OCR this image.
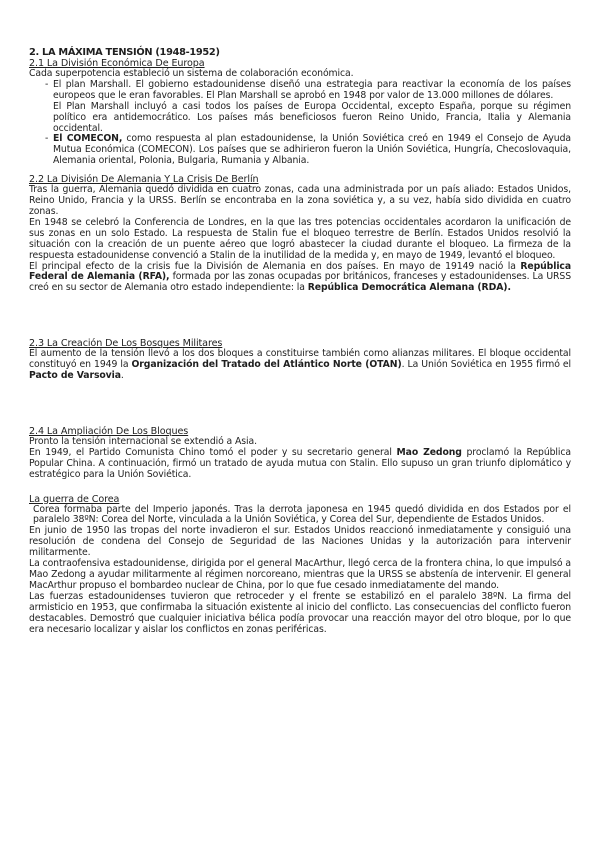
2. LA MÁXIMA TENSIÓN (1948-1952)
2.1 La División Económica De Europa

Cada superpotencia estableció un sistema de colaboración económica.

- El plan Marshall. El gobierno estadounidense diseñó una estrategia para reactivar la economía de los países europeos que le eran favorables. El Plan Marshall se aprobó en 1948 por valor de 13.000 millones de dólares.
El Plan Marshall incluyó a casi todos los países de Europa Occidental, excepto España, porque su régimen político era antidemocrático. Los países más beneficiosos fueron Reino Unido, Francia, Italia y Alemania occidental.
- El COMECON, como respuesta al plan estadounidense, la Unión Soviética creó en 1949 el Consejo de Ayuda Mutua Económica (COMECON). Los países que se adhirieron fueron la Unión Soviética, Hungría, Checoslovaquia, Alemania oriental, Polonia, Bulgaria, Rumania y Albania.
2.2 La División De Alemania Y La Crisis De Berlín

Tras la guerra, Alemania quedó dividida en cuatro zonas, cada una administrada por un país aliado: Estados Unidos, Reino Unido, Francia y la URSS. Berlín se encontraba en la zona soviética y, a su vez, había sido dividida en cuatro zonas.

En 1948 se celebró la Conferencia de Londres, en la que las tres potencias occidentales acordaron la unificación de sus zonas en un solo Estado. La respuesta de Stalin fue el bloqueo terrestre de Berlín. Estados Unidos resolvió la situación con la creación de un puente aéreo que logró abastecer la ciudad durante el bloqueo. La firmeza de la respuesta estadounidense convenció a Stalin de la inutilidad de la medida y, en mayo de 1949, levantó el bloqueo.

El principal efecto de la crisis fue la División de Alemania en dos países. En mayo de 19149 nació la República Federal de Alemania (RFA), formada por las zonas ocupadas por británicos, franceses y estadounidenses. La URSS creó en su sector de Alemania otro estado independiente: la República Democrática Alemana (RDA).

2.3 La Creación De Los Bosques Militares

El aumento de la tensión llevó a los dos bloques a constituirse también como alianzas militares. El bloque occidental constituyó en 1949 la Organización del Tratado del Atlántico Norte (OTAN). La Unión Soviética en 1955 firmó el Pacto de Varsovia.

2.4 La Ampliación De Los Bloques

Pronto la tensión internacional se extendió a Asia.

En 1949, el Partido Comunista Chino tomó el poder y su secretario general Mao Zedong proclamó la República Popular China. A continuación, firmó un tratado de ayuda mutua con Stalin. Ello supuso un gran triunfo diplomático y estratégico para la Unión Soviética.

La guerra de Corea

Corea formaba parte del Imperio japonés. Tras la derrota japonesa en 1945 quedó dividida en dos Estados por el paralelo 38ºN: Corea del Norte, vinculada a la Unión Soviética, y Corea del Sur, dependiente de Estados Unidos.

En junio de 1950 las tropas del norte invadieron el sur. Estados Unidos reaccionó inmediatamente y consiguió una resolución de condena del Consejo de Seguridad de las Naciones Unidas y la autorización para intervenir militarmente.

La contraofensiva estadounidense, dirigida por el general MacArthur, llegó cerca de la frontera china, lo que impulsó a Mao Zedong a ayudar militarmente al régimen norcoreano, mientras que la URSS se abstenía de intervenir. El general MacArthur propuso el bombardeo nuclear de China, por lo que fue cesado inmediatamente del mando.

Las fuerzas estadounidenses tuvieron que retroceder y el frente se estabilizó en el paralelo 38ºN. La firma del armisticio en 1953, que confirmaba la situación existente al inicio del conflicto. Las consecuencias del conflicto fueron destacables. Demostró que cualquier iniciativa bélica podía provocar una reacción mayor del otro bloque, por lo que era necesario localizar y aislar los conflictos en zonas periféricas.
